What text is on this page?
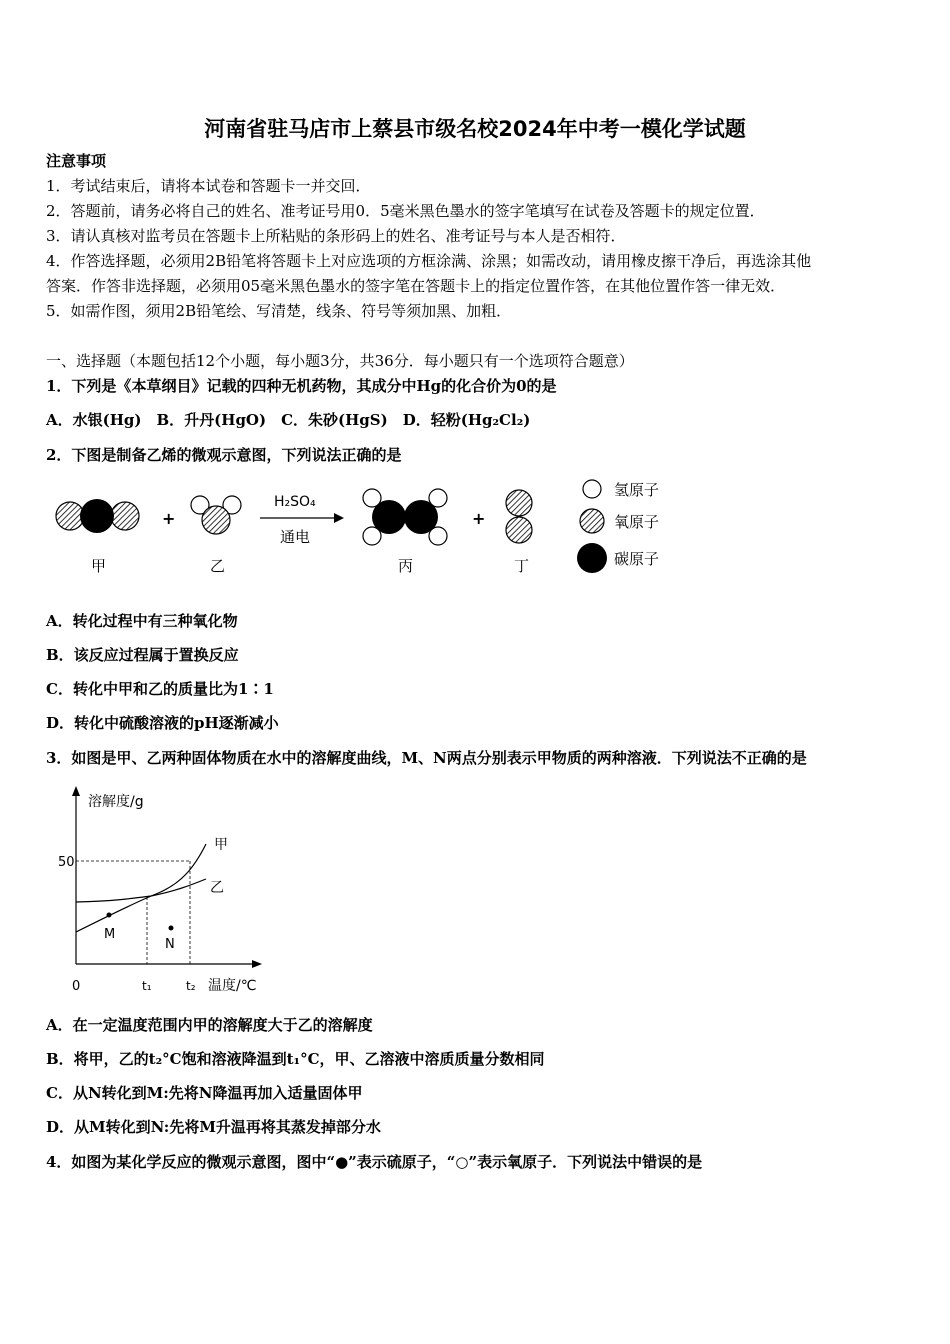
河南省驻马店市上蔡县市级名校2024年中考一模化学试题
注意事项
1．考试结束后，请将本试卷和答题卡一并交回．
2．答题前，请务必将自己的姓名、准考证号用0．5毫米黑色墨水的签字笔填写在试卷及答题卡的规定位置．
3．请认真核对监考员在答题卡上所粘贴的条形码上的姓名、准考证号与本人是否相符．
4．作答选择题，必须用2B铅笔将答题卡上对应选项的方框涂满、涂黑；如需改动，请用橡皮擦干净后，再选涂其他
答案．作答非选择题，必须用05毫米黑色墨水的签字笔在答题卡上的指定位置作答，在其他位置作答一律无效．
5．如需作图，须用2B铅笔绘、写清楚，线条、符号等须加黑、加粗．
一、选择题（本题包括12个小题，每小题3分，共36分．每小题只有一个选项符合题意）
1．下列是《本草纲目》记载的四种无机药物，其成分中Hg的化合价为0的是
A．水银(Hg)　B．升丹(HgO)　C．朱砂(HgS)　D．轻粉(Hg₂Cl₂)
2．下图是制备乙烯的微观示意图，下列说法正确的是
+
H₂SO₄
通电
+
甲	乙	丙	丁
氢原子
氧原子
碳原子
A．转化过程中有三种氧化物
B．该反应过程属于置换反应
C．转化中甲和乙的质量比为1∶1
D．转化中硫酸溶液的pH逐渐减小
3．如图是甲、乙两种固体物质在水中的溶解度曲线，M、N两点分别表示甲物质的两种溶液．下列说法不正确的是
溶解度/g
温度/℃
50
0	t₁	t₂
甲
乙
M
N
A．在一定温度范围内甲的溶解度大于乙的溶解度
B．将甲，乙的t₂°C饱和溶液降温到t₁°C，甲、乙溶液中溶质质量分数相同
C．从N转化到M:先将N降温再加入适量固体甲
D．从M转化到N:先将M升温再将其蒸发掉部分水
4．如图为某化学反应的微观示意图，图中“●”表示硫原子，“○”表示氧原子．下列说法中错误的是
